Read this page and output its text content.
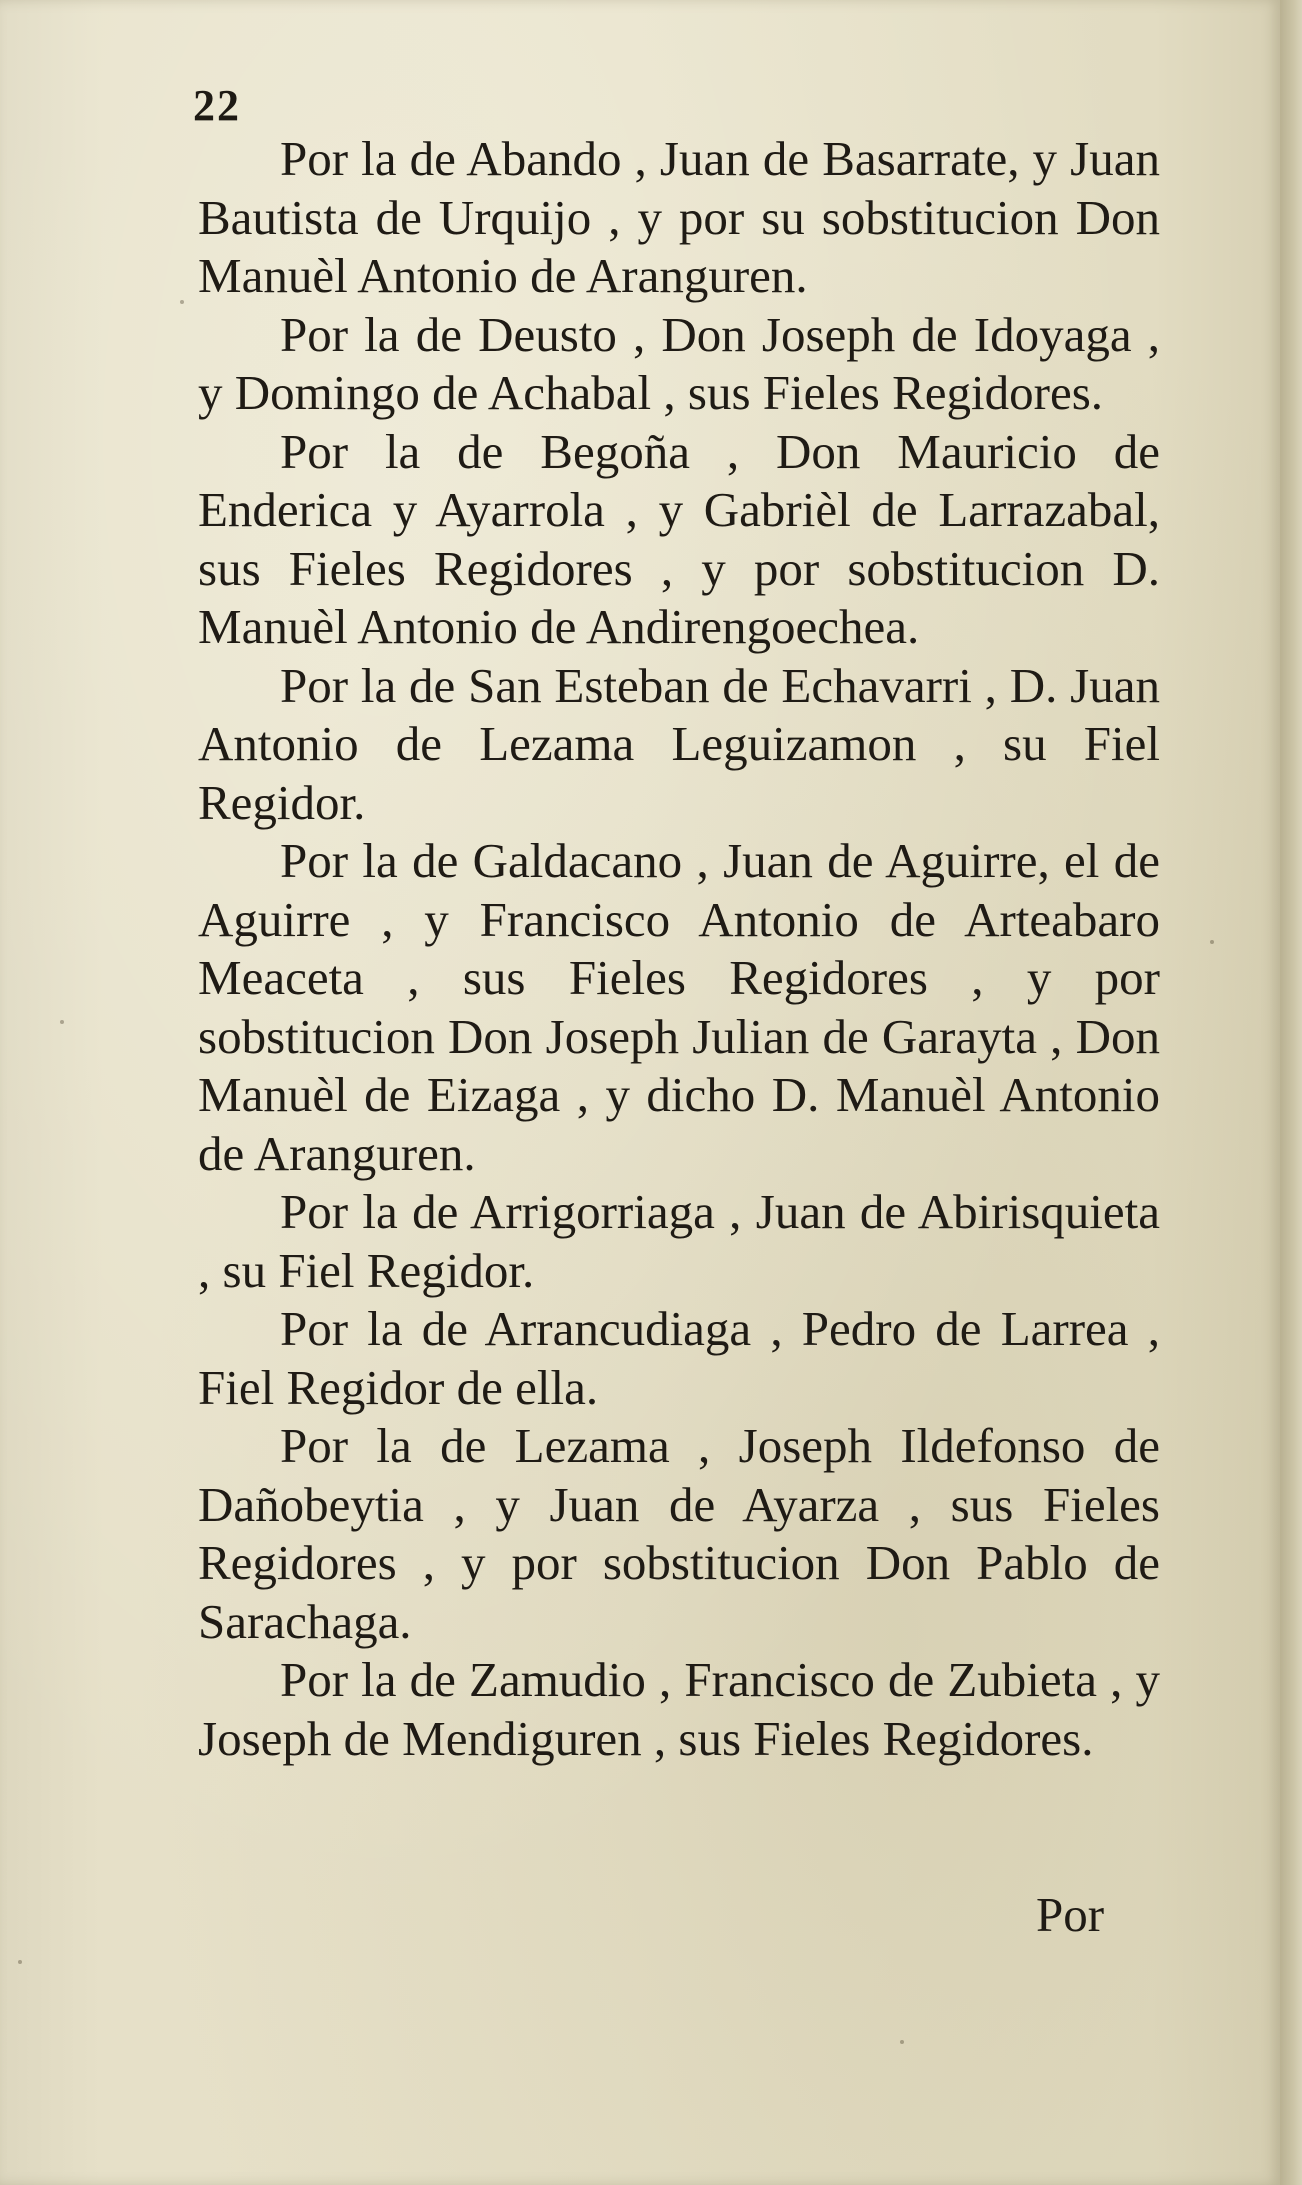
22

Por la de Abando , Juan de Basarrate, y Juan Bautista de Urquijo , y por su sobstitucion Don Manuèl Antonio de Aranguren.

Por la de Deusto , Don Joseph de Idoyaga , y Domingo de Achabal , sus Fieles Regidores.

Por la de Begoña , Don Mauricio de Enderica y Ayarrola , y Gabrièl de Larrazabal, sus Fieles Regidores , y por sobstitucion D. Manuèl Antonio de Andirengoechea.

Por la de San Esteban de Echavarri , D. Juan Antonio de Lezama Leguizamon , su Fiel Regidor.

Por la de Galdacano , Juan de Aguirre, el de Aguirre , y Francisco Antonio de Arteabaro Meaceta , sus Fieles Regidores , y por sobstitucion Don Joseph Julian de Garayta , Don Manuèl de Eizaga , y dicho D. Manuèl Antonio de Aranguren.

Por la de Arrigorriaga , Juan de Abirisquieta , su Fiel Regidor.

Por la de Arrancudiaga , Pedro de Larrea , Fiel Regidor de ella.

Por la de Lezama , Joseph Ildefonso de Dañobeytia , y Juan de Ayarza , sus Fieles Regidores , y por sobstitucion Don Pablo de Sarachaga.

Por la de Zamudio , Francisco de Zubieta , y Joseph de Mendiguren , sus Fieles Regidores.

Por
